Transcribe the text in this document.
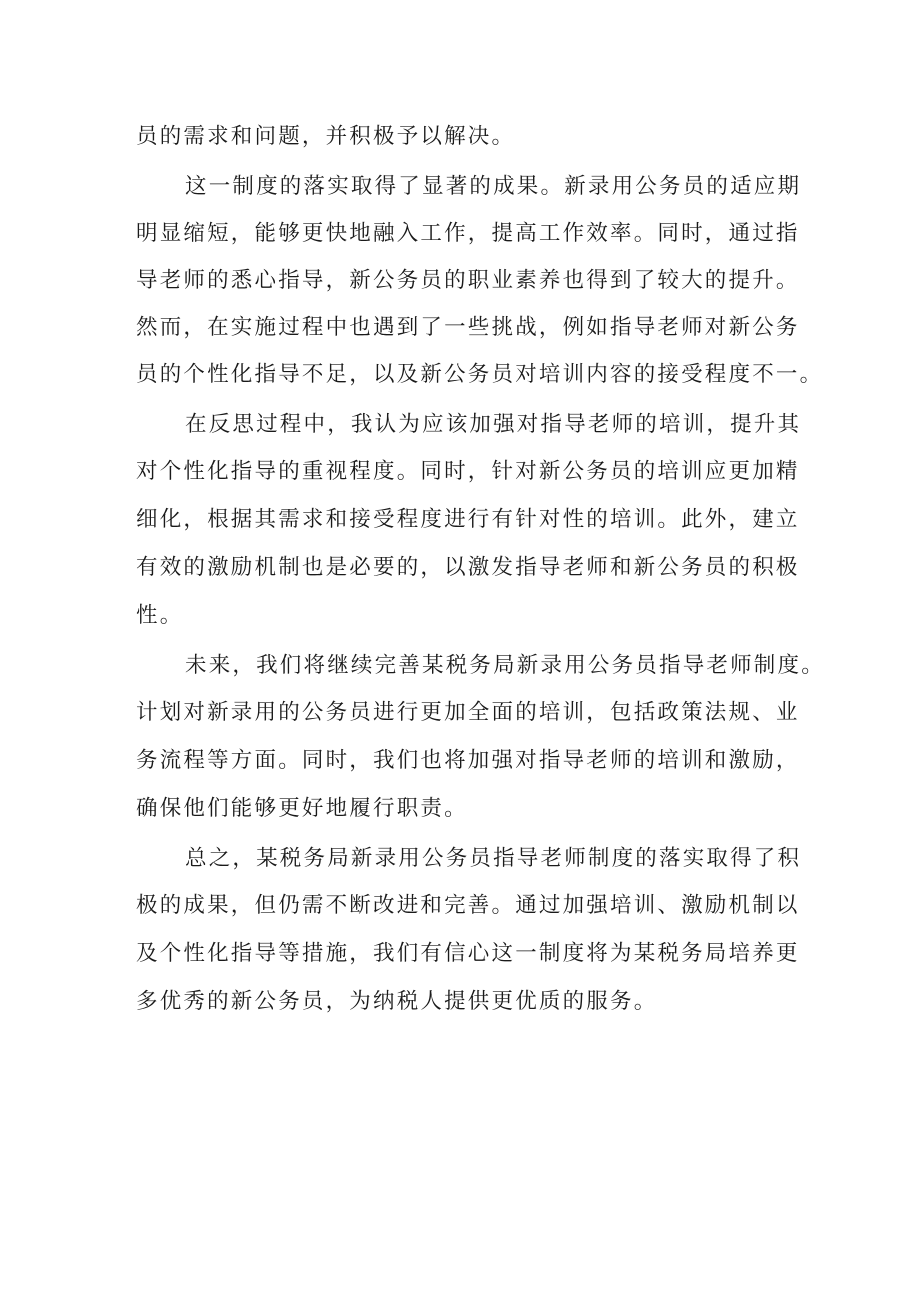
员的需求和问题，并积极予以解决。
这一制度的落实取得了显著的成果。新录用公务员的适应期
明显缩短，能够更快地融入工作，提高工作效率。同时，通过指
导老师的悉心指导，新公务员的职业素养也得到了较大的提升。
然而，在实施过程中也遇到了一些挑战，例如指导老师对新公务
员的个性化指导不足，以及新公务员对培训内容的接受程度不一。
在反思过程中，我认为应该加强对指导老师的培训，提升其
对个性化指导的重视程度。同时，针对新公务员的培训应更加精
细化，根据其需求和接受程度进行有针对性的培训。此外，建立
有效的激励机制也是必要的，以激发指导老师和新公务员的积极
性。
未来，我们将继续完善某税务局新录用公务员指导老师制度。
计划对新录用的公务员进行更加全面的培训，包括政策法规、业
务流程等方面。同时，我们也将加强对指导老师的培训和激励，
确保他们能够更好地履行职责。
总之，某税务局新录用公务员指导老师制度的落实取得了积
极的成果，但仍需不断改进和完善。通过加强培训、激励机制以
及个性化指导等措施，我们有信心这一制度将为某税务局培养更
多优秀的新公务员，为纳税人提供更优质的服务。
